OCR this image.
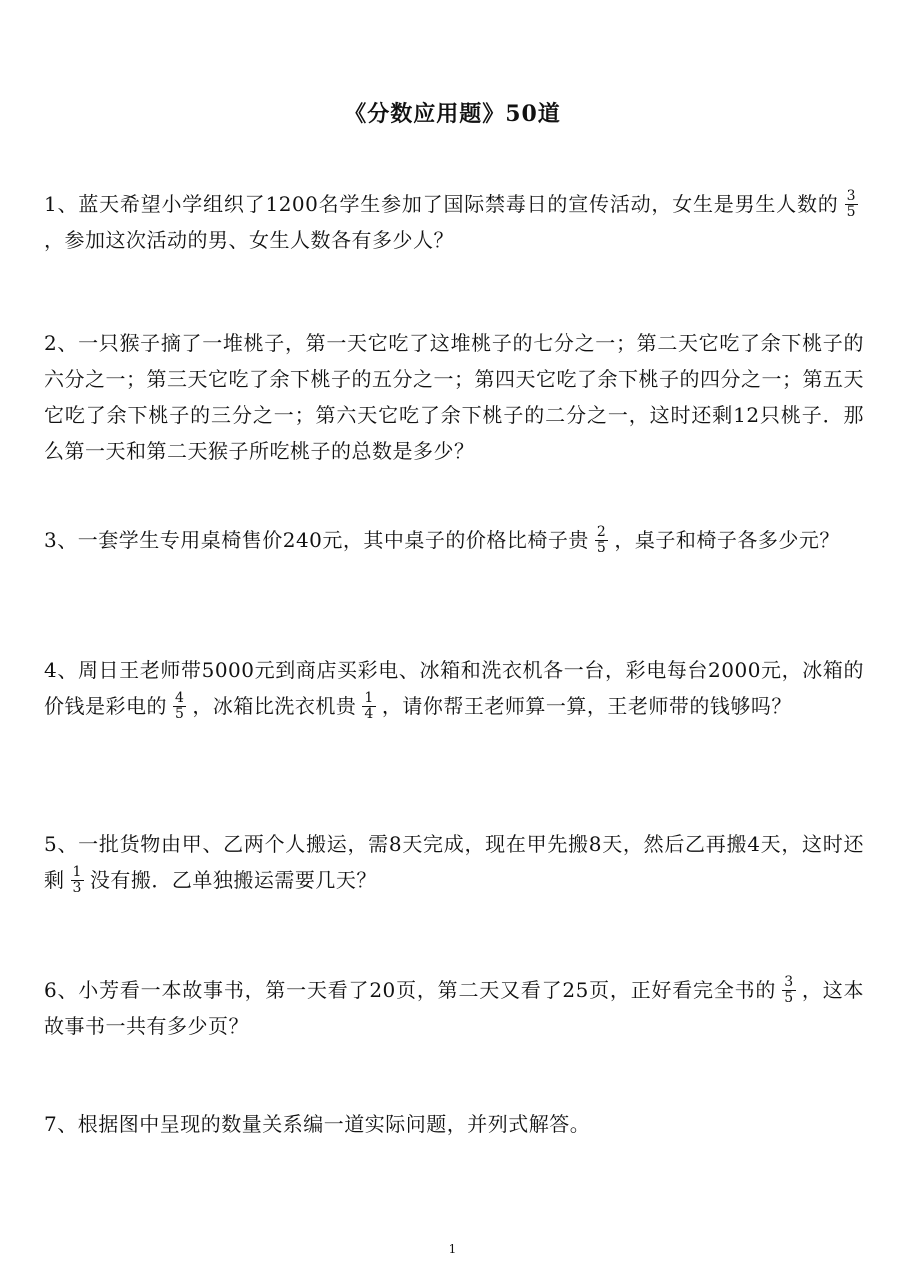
《分数应用题》50道

1、蓝天希望小学组织了1200名学生参加了国际禁毒日的宣传活动，女生是男生人数的 $\frac{3}{5}$
，参加这次活动的男、女生人数各有多少人？

2、一只猴子摘了一堆桃子，第一天它吃了这堆桃子的七分之一；第二天它吃了余下桃子的六分之一；第三天它吃了余下桃子的五分之一；第四天它吃了余下桃子的四分之一；第五天它吃了余下桃子的三分之一；第六天它吃了余下桃子的二分之一，这时还剩12只桃子．那么第一天和第二天猴子所吃桃子的总数是多少？

3、一套学生专用桌椅售价240元，其中桌子的价格比椅子贵 $\frac{2}{5}$ ，桌子和椅子各多少元？

4、周日王老师带5000元到商店买彩电、冰箱和洗衣机各一台，彩电每台2000元，冰箱的价钱是彩电的 $\frac{4}{5}$ ，冰箱比洗衣机贵 $\frac{1}{4}$ ，请你帮王老师算一算，王老师带的钱够吗？

5、一批货物由甲、乙两个人搬运，需8天完成，现在甲先搬8天，然后乙再搬4天，这时还剩 $\frac{1}{3}$ 没有搬．乙单独搬运需要几天？

6、小芳看一本故事书，第一天看了20页，第二天又看了25页，正好看完全书的 $\frac{3}{5}$ ，这本故事书一共有多少页？

7、根据图中呈现的数量关系编一道实际问题，并列式解答。

1
